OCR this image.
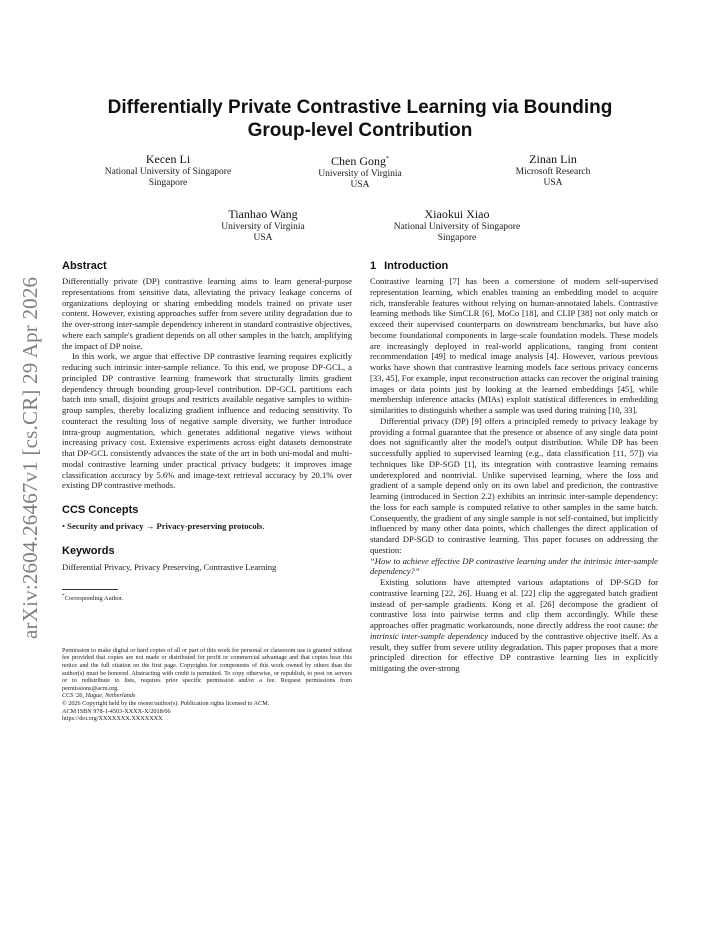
arXiv:2604.26467v1 [cs.CR] 29 Apr 2026
Differentially Private Contrastive Learning via Bounding Group-level Contribution
Kecen Li
National University of Singapore
Singapore
Chen Gong*
University of Virginia
USA
Zinan Lin
Microsoft Research
USA
Tianhao Wang
University of Virginia
USA
Xiaokui Xiao
National University of Singapore
Singapore
Abstract

Differentially private (DP) contrastive learning aims to learn general-purpose representations from sensitive data, alleviating the privacy leakage concerns of organizations deploying or sharing embedding models trained on private user content. However, existing approaches suffer from severe utility degradation due to the over-strong inter-sample dependency inherent in standard contrastive objectives, where each sample's gradient depends on all other samples in the batch, amplifying the impact of DP noise.

In this work, we argue that effective DP contrastive learning requires explicitly reducing such intrinsic inter-sample reliance. To this end, we propose DP-GCL, a principled DP contrastive learning framework that structurally limits gradient dependency through bounding group-level contribution. DP-GCL partitions each batch into small, disjoint groups and restricts available negative samples to within-group samples, thereby localizing gradient influence and reducing sensitivity. To counteract the resulting loss of negative sample diversity, we further introduce intra-group augmentation, which generates additional negative views without increasing privacy cost. Extensive experiments across eight datasets demonstrate that DP-GCL consistently advances the state of the art in both uni-modal and multi-modal contrastive learning under practical privacy budgets: it improves image classification accuracy by 5.6% and image-text retrieval accuracy by 20.1% over existing DP contrastive methods.

CCS Concepts

• Security and privacy → Privacy-preserving protocols.

Keywords

Differential Privacy, Privacy Preserving, Contrastive Learning

*Corresponding Author.

Permission to make digital or hard copies of all or part of this work for personal or classroom use is granted without fee provided that copies are not made or distributed for profit or commercial advantage and that copies bear this notice and the full citation on the first page. Copyrights for components of this work owned by others than the author(s) must be honored. Abstracting with credit is permitted. To copy otherwise, or republish, to post on servers or to redistribute to lists, requires prior specific permission and/or a fee. Request permissions from permissions@acm.org.

CCS '26, Hague, Netherlands

© 2026 Copyright held by the owner/author(s). Publication rights licensed to ACM.

ACM ISBN 978-1-4503-XXXX-X/2018/06

https://doi.org/XXXXXXX.XXXXXXX

1 Introduction

Contrastive learning [7] has been a cornerstone of modern self-supervised representation learning, which enables training an embedding model to acquire rich, transferable features without relying on human-annotated labels. Contrastive learning methods like SimCLR [6], MoCo [18], and CLIP [38] not only match or exceed their supervised counterparts on downstream benchmarks, but have also become foundational components in large-scale foundation models. These models are increasingly deployed in real-world applications, ranging from content recommendation [49] to medical image analysis [4]. However, various previous works have shown that contrastive learning models face serious privacy concerns [33, 45]. For example, input reconstruction attacks can recover the original training images or data points just by looking at the learned embeddings [45], while membership inference attacks (MIAs) exploit statistical differences in embedding similarities to distinguish whether a sample was used during training [10, 33].

Differential privacy (DP) [9] offers a principled remedy to privacy leakage by providing a formal guarantee that the presence or absence of any single data point does not significantly alter the model's output distribution. While DP has been successfully applied to supervised learning (e.g., data classification [11, 57]) via techniques like DP-SGD [1], its integration with contrastive learning remains underexplored and nontrivial. Unlike supervised learning, where the loss and gradient of a sample depend only on its own label and prediction, the contrastive learning (introduced in Section 2.2) exhibits an intrinsic inter-sample dependency: the loss for each sample is computed relative to other samples in the same batch. Consequently, the gradient of any single sample is not self-contained, but implicitly influenced by many other data points, which challenges the direct application of standard DP-SGD to contrastive learning. This paper focuses on addressing the question:

“How to achieve effective DP contrastive learning under the intrinsic inter-sample dependency?”

Existing solutions have attempted various adaptations of DP-SGD for contrastive learning [22, 26]. Huang et al. [22] clip the aggregated batch gradient instead of per-sample gradients. Kong et al. [26] decompose the gradient of contrastive loss into pairwise terms and clip them accordingly. While these approaches offer pragmatic workarounds, none directly address the root cause: the intrinsic inter-sample dependency induced by the contrastive objective itself. As a result, they suffer from severe utility degradation. This paper proposes that a more principled direction for effective DP contrastive learning lies in explicitly mitigating the over-strong
